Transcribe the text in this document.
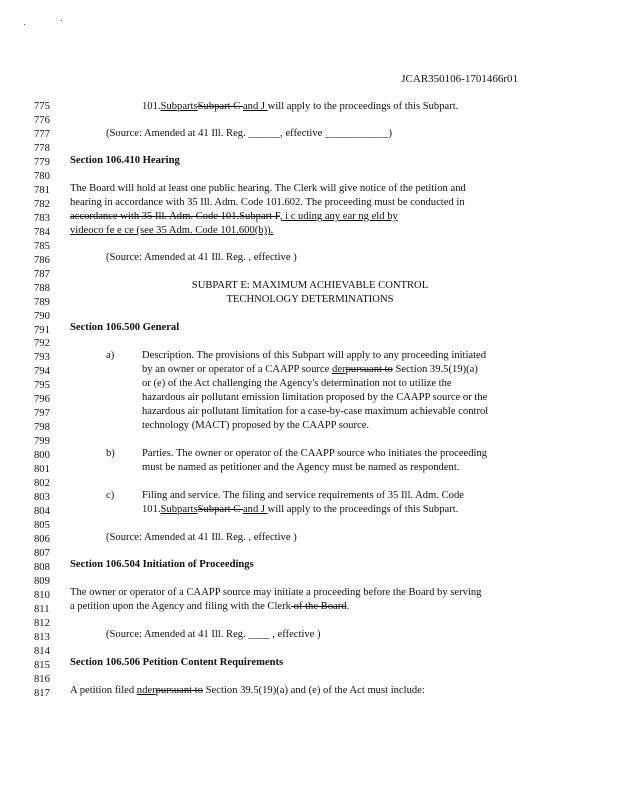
JCAR350106-1701466r01
775
776
777
778
779
780
781
782
783
784
785
786
787
788
789
790
791
792
793
794
795
796
797
798
799
800
801
802
803
804
805
806
807
808
809
810
811
812
813
814
815
816
817
101.SubpartsSubpart C and J will apply to the proceedings of this Subpart.
(Source: Amended at 41 Ill. Reg. ______, effective ____________)
Section 106.410 Hearing
The Board will hold at least one public hearing. The Clerk will give notice of the petition and
hearing in accordance with 35 Ill. Adm. Code 101.602. The proceeding must be conducted in
accordance with 35 Ill. Adm. Code 101.Subpart F, i c uding any ear ng eld by
videoco fe e ce (see 35 Adm. Code 101.600(b)).
(Source: Amended at 41 Ill. Reg. , effective )
SUBPART E: MAXIMUM ACHIEVABLE CONTROL
TECHNOLOGY DETERMINATIONS
Section 106.500 General
a)	Description. The provisions of this Subpart will apply to any proceeding initiated
by an owner or operator of a CAAPP source derpursuant to Section 39.5(19)(a)
or (e) of the Act challenging the Agency's determination not to utilize the
hazardous air pollutant emission limitation proposed by the CAAPP source or the
hazardous air pollutant limitation for a case-by-case maximum achievable control
technology (MACT) proposed by the CAAPP source.
b)	Parties. The owner or operator of the CAAPP source who initiates the proceeding
must be named as petitioner and the Agency must be named as respondent.
c)	Filing and service. The filing and service requirements of 35 Ill. Adm. Code
101.SubpartsSubpart C and J will apply to the proceedings of this Subpart.
(Source: Amended at 41 Ill. Reg. , effective )
Section 106.504 Initiation of Proceedings
The owner or operator of a CAAPP source may initiate a proceeding before the Board by serving
a petition upon the Agency and filing with the Clerk of the Board.
(Source: Amended at 41 Ill. Reg. ____ , effective )
Section 106.506 Petition Content Requirements
A petition filed nderpursuant to Section 39.5(19)(a) and (e) of the Act must include:
